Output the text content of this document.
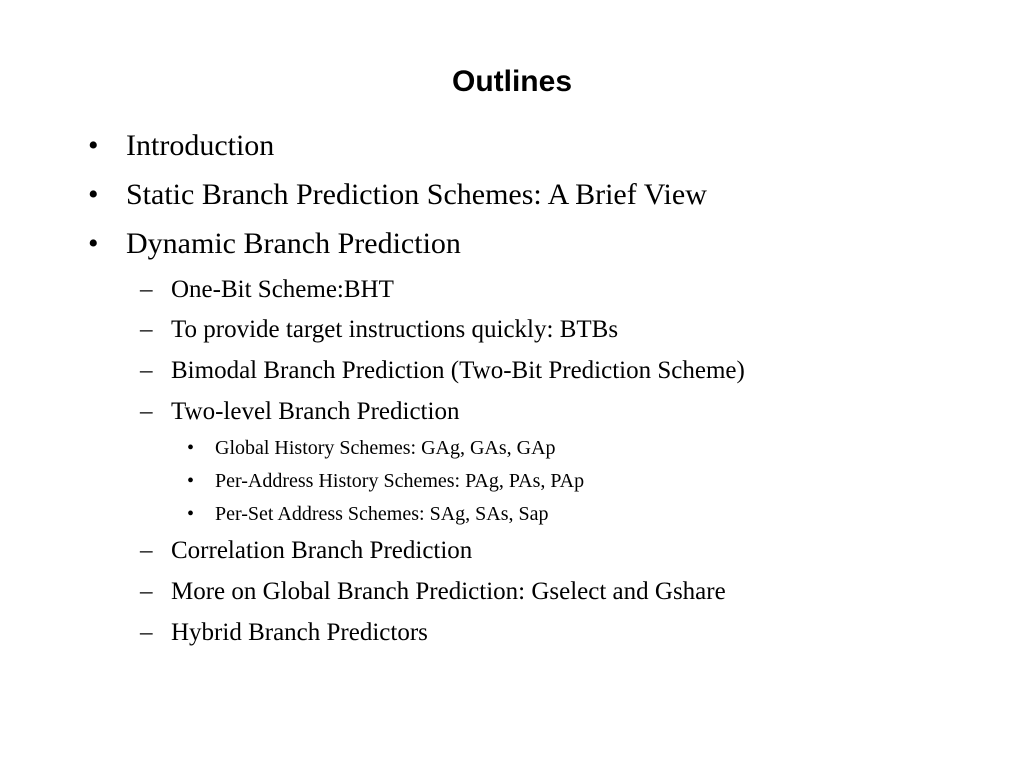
Outlines
• Introduction
• Static Branch Prediction Schemes: A Brief View
• Dynamic Branch Prediction
– One-Bit Scheme:BHT
– To provide target instructions quickly: BTBs
– Bimodal Branch Prediction (Two-Bit Prediction Scheme)
– Two-level Branch Prediction
• Global History Schemes: GAg, GAs, GAp
• Per-Address History Schemes: PAg, PAs, PAp
• Per-Set Address Schemes: SAg, SAs, Sap
– Correlation Branch Prediction
– More on Global Branch Prediction: Gselect and Gshare
– Hybrid Branch Predictors
